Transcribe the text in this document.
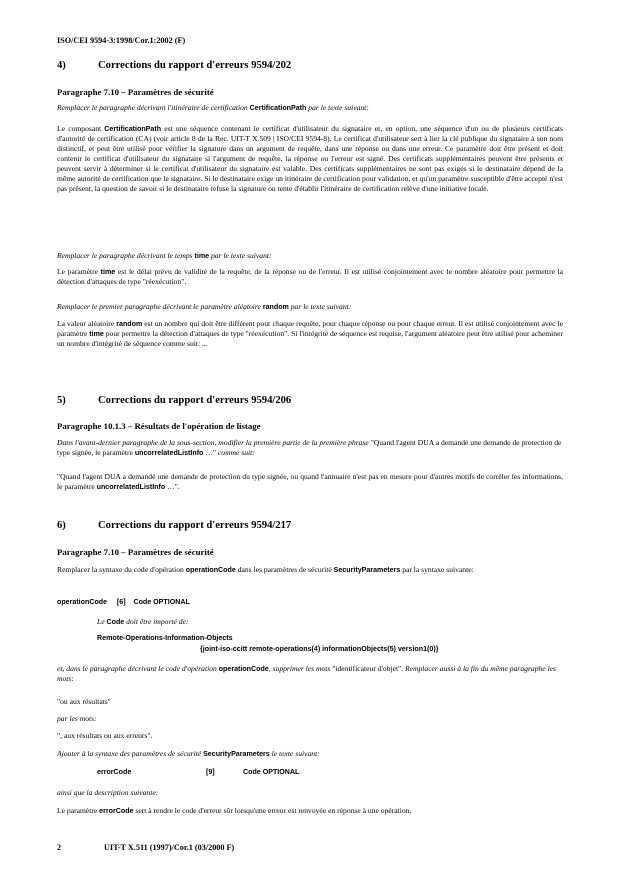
ISO/CEI 9594-3:1998/Cor.1:2002 (F)
4)	Corrections du rapport d'erreurs 9594/202
Paragraphe 7.10 – Paramètres de sécurité

Remplacer le paragraphe décrivant l'itinéraire de certification CertificationPath par le texte suivant:

Le composant CertificationPath est une séquence contenant le certificat d'utilisateur du signataire et, en option, une séquence d'un ou de plusieurs certificats d'autorité de certification (CA) (voir article 8 de la Rec. UIT-T X.509 | ISO/CEI 9594-8). Le certificat d'utilisateur sert à lier la clé publique du signataire à son nom distinctif, et peut être utilisé pour vérifier la signature dans un argument de requête, dans une réponse ou dans une erreur. Ce paramètre doit être présent et doit contenir le certificat d'utilisateur du signataire si l'argument de requête, la réponse ou l'erreur est signé. Des certificats supplémentaires peuvent être présents et peuvent servir à déterminer si le certificat d'utilisateur du signataire est valable. Des certificats supplémentaires ne sont pas exigés si le destinataire dépend de la même autorité de certification que le signataire. Si le destinataire exige un itinéraire de certification pour validation, et qu'un paramètre susceptible d'être accepté n'est pas présent, la question de savoir si le destinataire refuse la signature ou tente d'établir l'itinéraire de certification relève d'une initiative locale.

Remplacer le paragraphe décrivant le temps time par le texte suivant:

Le paramètre time est le délai prévu de validité de la requête, de la réponse ou de l'erreur. Il est utilisé conjointement avec le nombre aléatoire pour permettre la détection d'attaques de type "réexécution".

Remplacer le premier paragraphe décrivant le paramètre aléatoire random par le texte suivant:

La valeur aléatoire random est un nombre qui doit être différent pour chaque requête, pour chaque réponse ou pour chaque erreur. Il est utilisé conjointement avec le paramètre time pour permettre la détection d'attaques de type "réexécution". Si l'intégrité de séquence est requise, l'argument aléatoire peut être utilisé pour acheminer un nombre d'intégrité de séquence comme suit: ...

5)	Corrections du rapport d'erreurs 9594/206
Paragraphe 10.1.3 – Résultats de l'opération de listage

Dans l'avant-dernier paragraphe de la sous-section, modifier la première partie de la première phrase "Quand l'agent DUA a demandé une demande de protection de type signée, le paramètre uncorrelatedListInfo …" comme suit:

"Quand l'agent DUA a demandé une demande de protection du type signée, ou quand l'annuaire n'est pas en mesure pour d'autres motifs de corréler les informations, le paramètre uncorrelatedListInfo …".

6)	Corrections du rapport d'erreurs 9594/217
Paragraphe 7.10 – Paramètres de sécurité

Remplacer la syntaxe du code d'opération operationCode dans les paramètres de sécurité SecurityParameters par la syntaxe suivante:

operationCode     [6]    Code OPTIONAL

Le Code doit être importé de:

Remote-Operations-Information-Objects

{joint-iso-ccitt remote-operations(4) informationObjects(5) version1(0)}

et, dans le paragraphe décrivant le code d'opération operationCode, supprimer les mots "identificateur d'objet". Remplacer aussi à la fin du même paragraphe les mots:

"ou aux résultats"

par les mots:

", aux résultats ou aux erreurs".

Ajouter à la syntaxe des paramètres de sécurité SecurityParameters le texte suivant:

errorCode	[9]	Code OPTIONAL

ainsi que la description suivante:

Le paramètre errorCode sert à rendre le code d'erreur sûr lorsqu'une erreur est renvoyée en réponse à une opération.

2	UIT-T X.511 (1997)/Cor.1 (03/2000 F)
